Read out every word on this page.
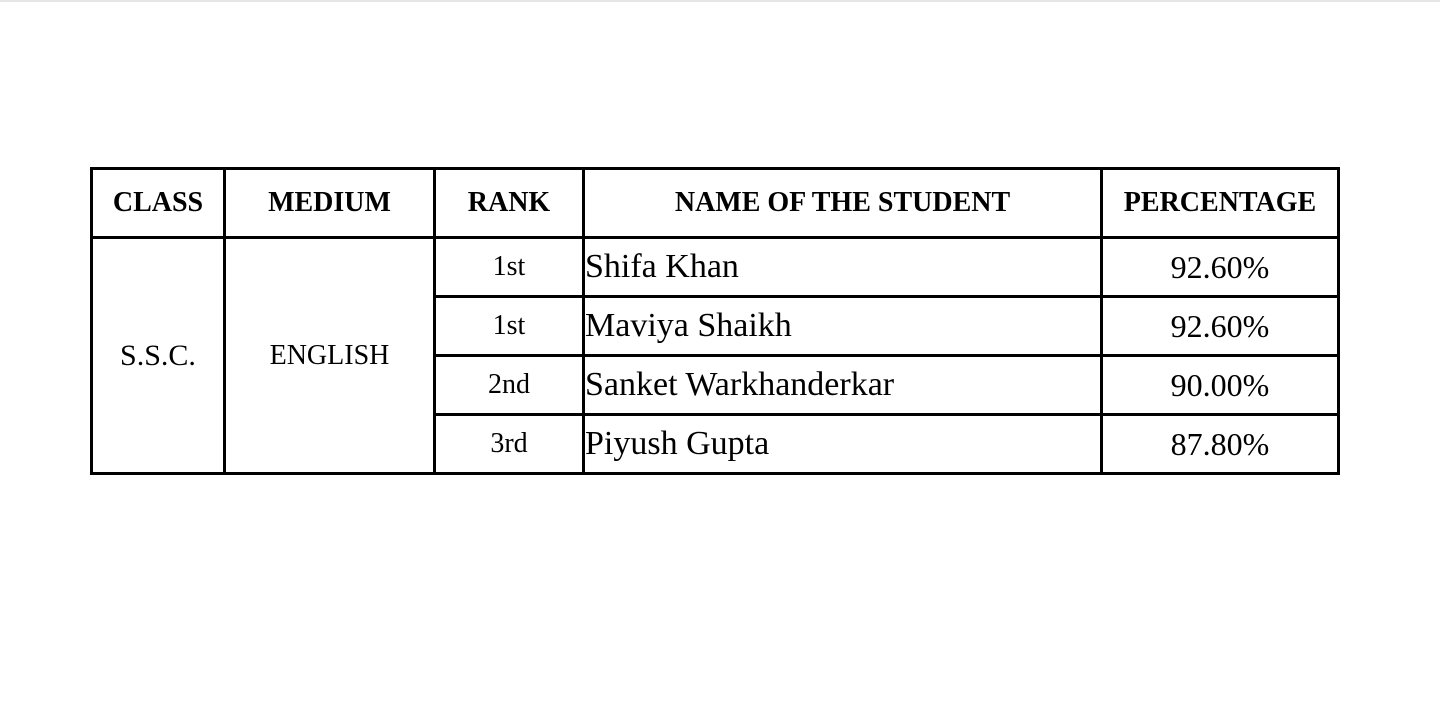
CLASS	MEDIUM	RANK	NAME OF THE STUDENT	PERCENTAGE
S.S.C.	ENGLISH	1st	Shifa Khan	92.60%
		1st	Maviya Shaikh	92.60%
		2nd	Sanket Warkhanderkar	90.00%
		3rd	Piyush Gupta	87.80%
